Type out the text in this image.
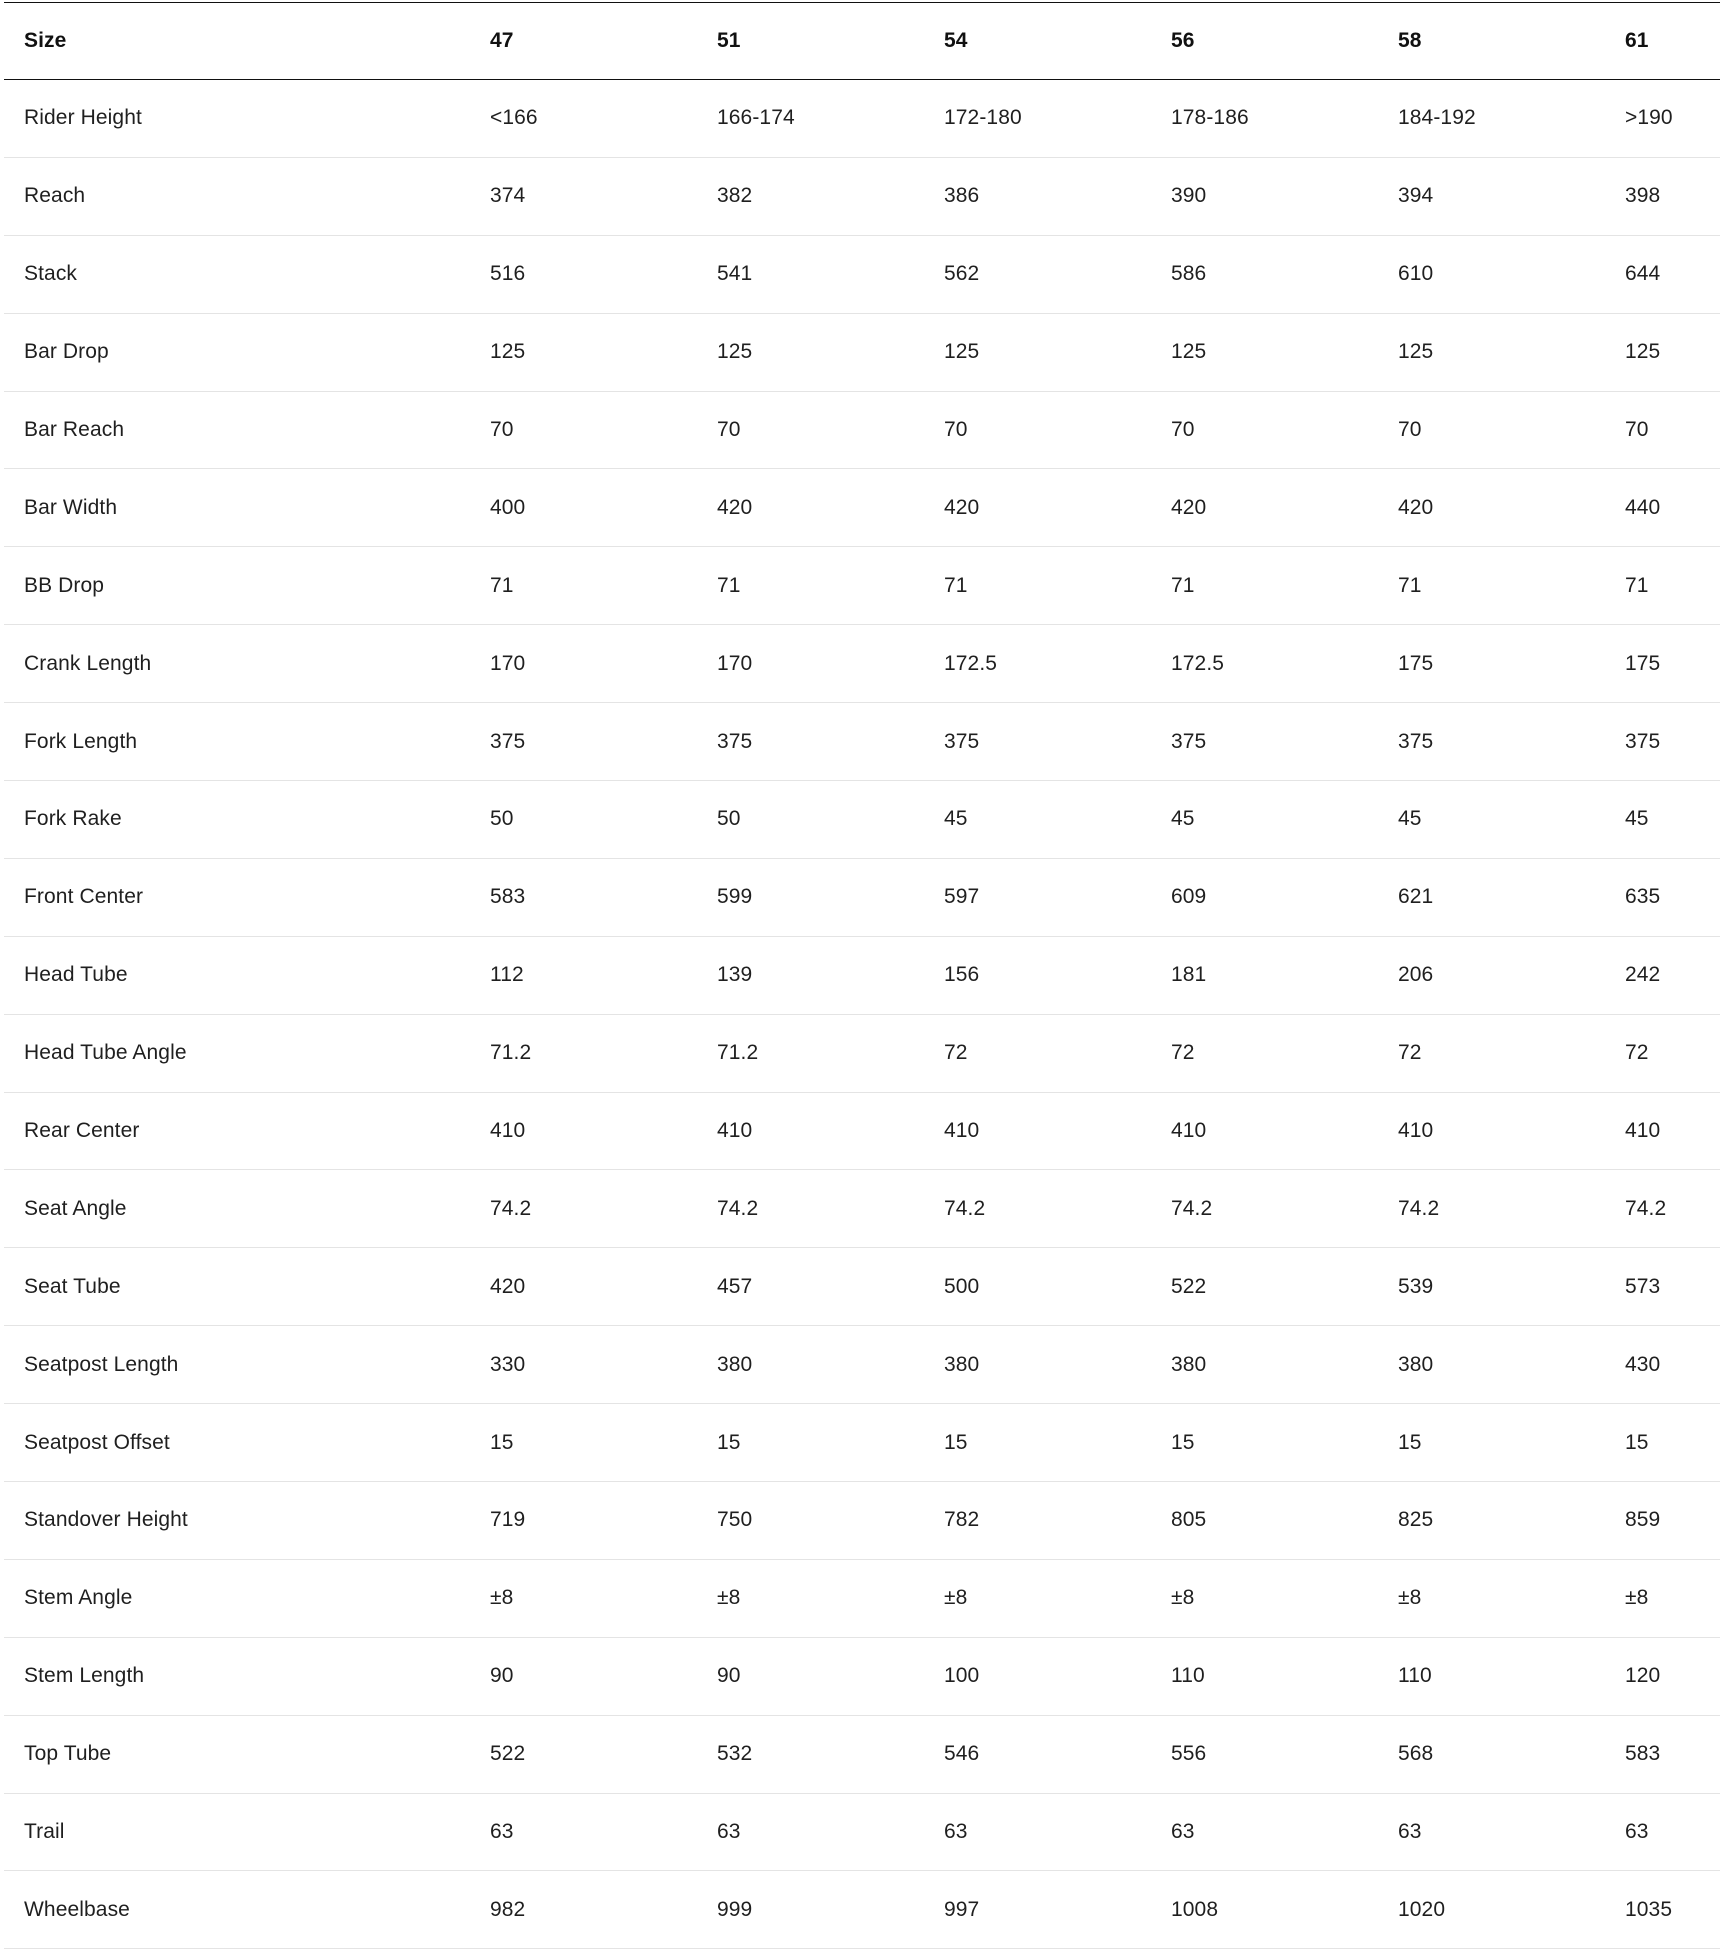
Size	47	51	54	56	58	61
Rider Height	<166	166-174	172-180	178-186	184-192	>190
Reach	374	382	386	390	394	398
Stack	516	541	562	586	610	644
Bar Drop	125	125	125	125	125	125
Bar Reach	70	70	70	70	70	70
Bar Width	400	420	420	420	420	440
BB Drop	71	71	71	71	71	71
Crank Length	170	170	172.5	172.5	175	175
Fork Length	375	375	375	375	375	375
Fork Rake	50	50	45	45	45	45
Front Center	583	599	597	609	621	635
Head Tube	112	139	156	181	206	242
Head Tube Angle	71.2	71.2	72	72	72	72
Rear Center	410	410	410	410	410	410
Seat Angle	74.2	74.2	74.2	74.2	74.2	74.2
Seat Tube	420	457	500	522	539	573
Seatpost Length	330	380	380	380	380	430
Seatpost Offset	15	15	15	15	15	15
Standover Height	719	750	782	805	825	859
Stem Angle	±8	±8	±8	±8	±8	±8
Stem Length	90	90	100	110	110	120
Top Tube	522	532	546	556	568	583
Trail	63	63	63	63	63	63
Wheelbase	982	999	997	1008	1020	1035
